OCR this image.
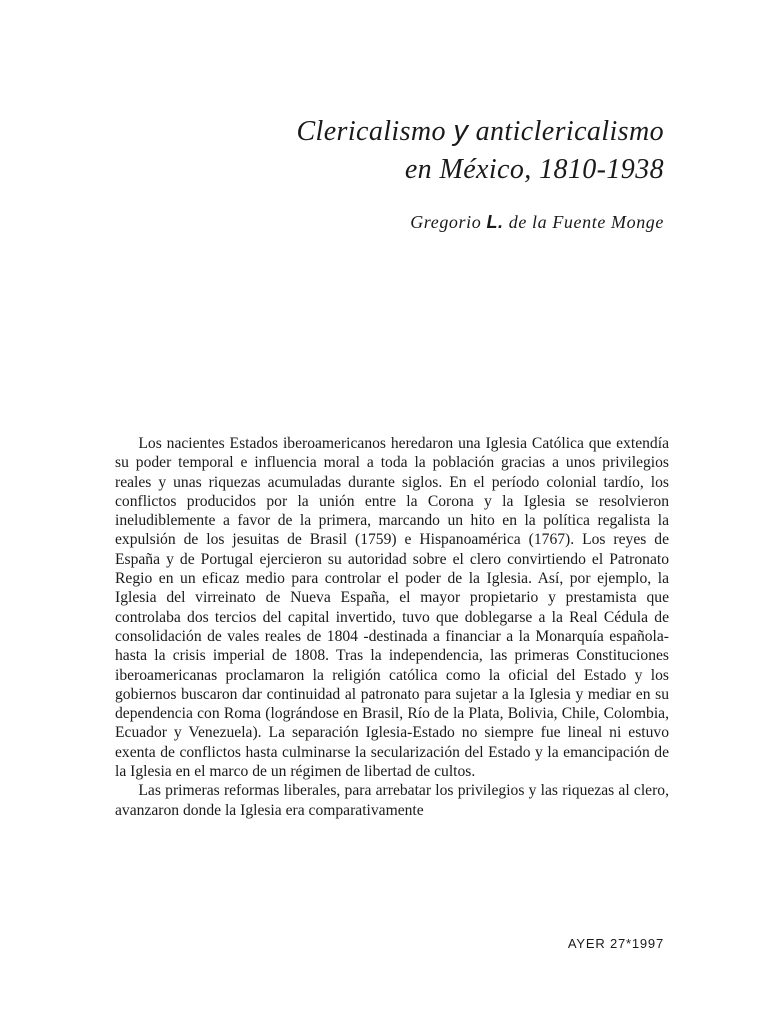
Clericalismo y anticlericalismo
en México, 1810-1938
Gregorio L. de la Fuente Monge

Los nacientes Estados iberoamericanos heredaron una Iglesia Católica que extendía su poder temporal e influencia moral a toda la población gracias a unos privilegios reales y unas riquezas acumuladas durante siglos. En el período colonial tardío, los conflictos producidos por la unión entre la Corona y la Iglesia se resolvieron ineludiblemente a favor de la primera, marcando un hito en la política regalista la expulsión de los jesuitas de Brasil (1759) e Hispanoamérica (1767). Los reyes de España y de Portugal ejercieron su autoridad sobre el clero convirtiendo el Patronato Regio en un eficaz medio para controlar el poder de la Iglesia. Así, por ejemplo, la Iglesia del virreinato de Nueva España, el mayor propietario y prestamista que controlaba dos tercios del capital invertido, tuvo que doblegarse a la Real Cédula de consolidación de vales reales de 1804 -destinada a financiar a la Monarquía española- hasta la crisis imperial de 1808. Tras la independencia, las primeras Constituciones iberoamericanas proclamaron la religión católica como la oficial del Estado y los gobiernos buscaron dar continuidad al patronato para sujetar a la Iglesia y mediar en su dependencia con Roma (lográndose en Brasil, Río de la Plata, Bolivia, Chile, Colombia, Ecuador y Venezuela). La separación Iglesia-Estado no siempre fue lineal ni estuvo exenta de conflictos hasta culminarse la secularización del Estado y la emancipación de la Iglesia en el marco de un régimen de libertad de cultos.

Las primeras reformas liberales, para arrebatar los privilegios y las riquezas al clero, avanzaron donde la Iglesia era comparativamente

AYER 27*1997
